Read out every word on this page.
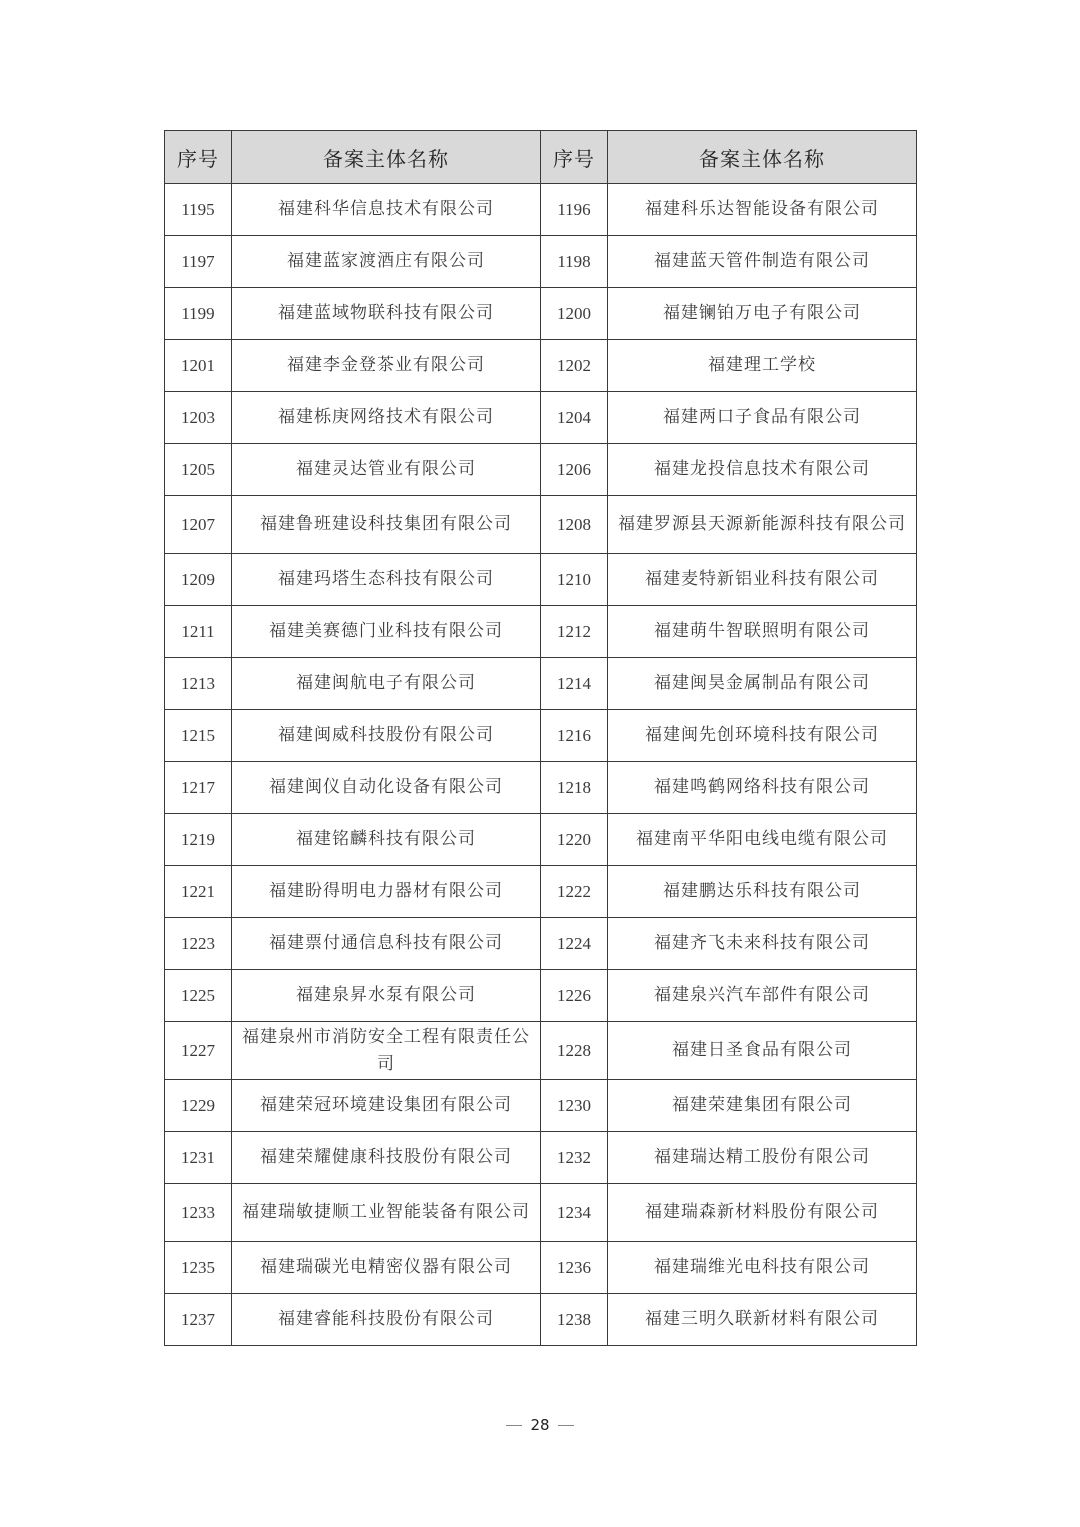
序号	备案主体名称	序号	备案主体名称
1195	福建科华信息技术有限公司	1196	福建科乐达智能设备有限公司
1197	福建蓝家渡酒庄有限公司	1198	福建蓝天管件制造有限公司
1199	福建蓝域物联科技有限公司	1200	福建镧铂万电子有限公司
1201	福建李金登茶业有限公司	1202	福建理工学校
1203	福建栎庚网络技术有限公司	1204	福建两口子食品有限公司
1205	福建灵达管业有限公司	1206	福建龙投信息技术有限公司
1207	福建鲁班建设科技集团有限公司	1208	福建罗源县天源新能源科技有限公司
1209	福建玛塔生态科技有限公司	1210	福建麦特新铝业科技有限公司
1211	福建美赛德门业科技有限公司	1212	福建萌牛智联照明有限公司
1213	福建闽航电子有限公司	1214	福建闽昊金属制品有限公司
1215	福建闽威科技股份有限公司	1216	福建闽先创环境科技有限公司
1217	福建闽仪自动化设备有限公司	1218	福建鸣鹤网络科技有限公司
1219	福建铭麟科技有限公司	1220	福建南平华阳电线电缆有限公司
1221	福建盼得明电力器材有限公司	1222	福建鹏达乐科技有限公司
1223	福建票付通信息科技有限公司	1224	福建齐飞未来科技有限公司
1225	福建泉昇水泵有限公司	1226	福建泉兴汽车部件有限公司
1227	福建泉州市消防安全工程有限责任公司	1228	福建日圣食品有限公司
1229	福建荣冠环境建设集团有限公司	1230	福建荣建集团有限公司
1231	福建荣耀健康科技股份有限公司	1232	福建瑞达精工股份有限公司
1233	福建瑞敏捷顺工业智能装备有限公司	1234	福建瑞森新材料股份有限公司
1235	福建瑞碳光电精密仪器有限公司	1236	福建瑞维光电科技有限公司
1237	福建睿能科技股份有限公司	1238	福建三明久联新材料有限公司
28
